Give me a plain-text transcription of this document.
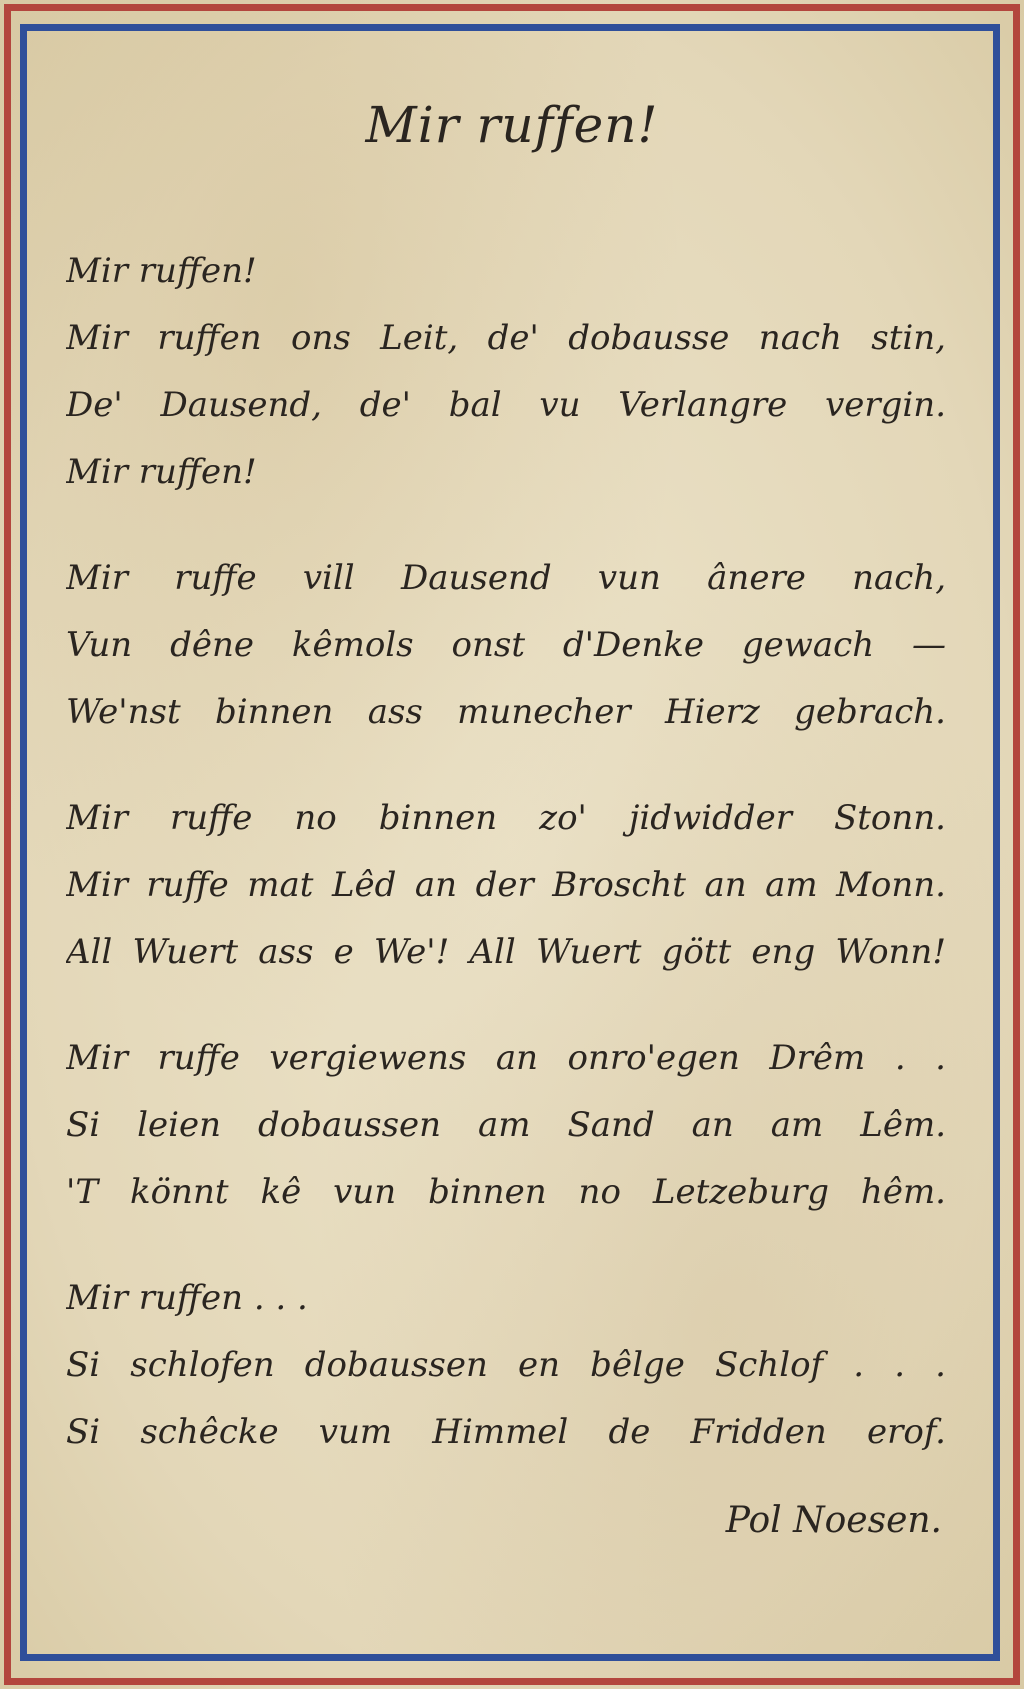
Mir ruffen!
Mir ruffen!
Mir ruffen ons Leit, de' dobausse nach stin,
De' Dausend, de' bal vu Verlangre vergin.
Mir ruffen!
Mir ruffe vill Dausend vun ânere nach,
Vun dêne kêmols onst d'Denke gewach —
We'nst binnen ass munecher Hierz gebrach.
Mir ruffe no binnen zo' jidwidder Stonn.
Mir ruffe mat Lêd an der Broscht an am Monn.
All Wuert ass e We'! All Wuert gött eng Wonn!
Mir ruffe vergiewens an onro'egen Drêm . .
Si leien dobaussen am Sand an am Lêm.
'T könnt kê vun binnen no Letzeburg hêm.
Mir ruffen . . .
Si schlofen dobaussen en bêlge Schlof . . .
Si schêcke vum Himmel de Fridden erof.
Pol Noesen.
